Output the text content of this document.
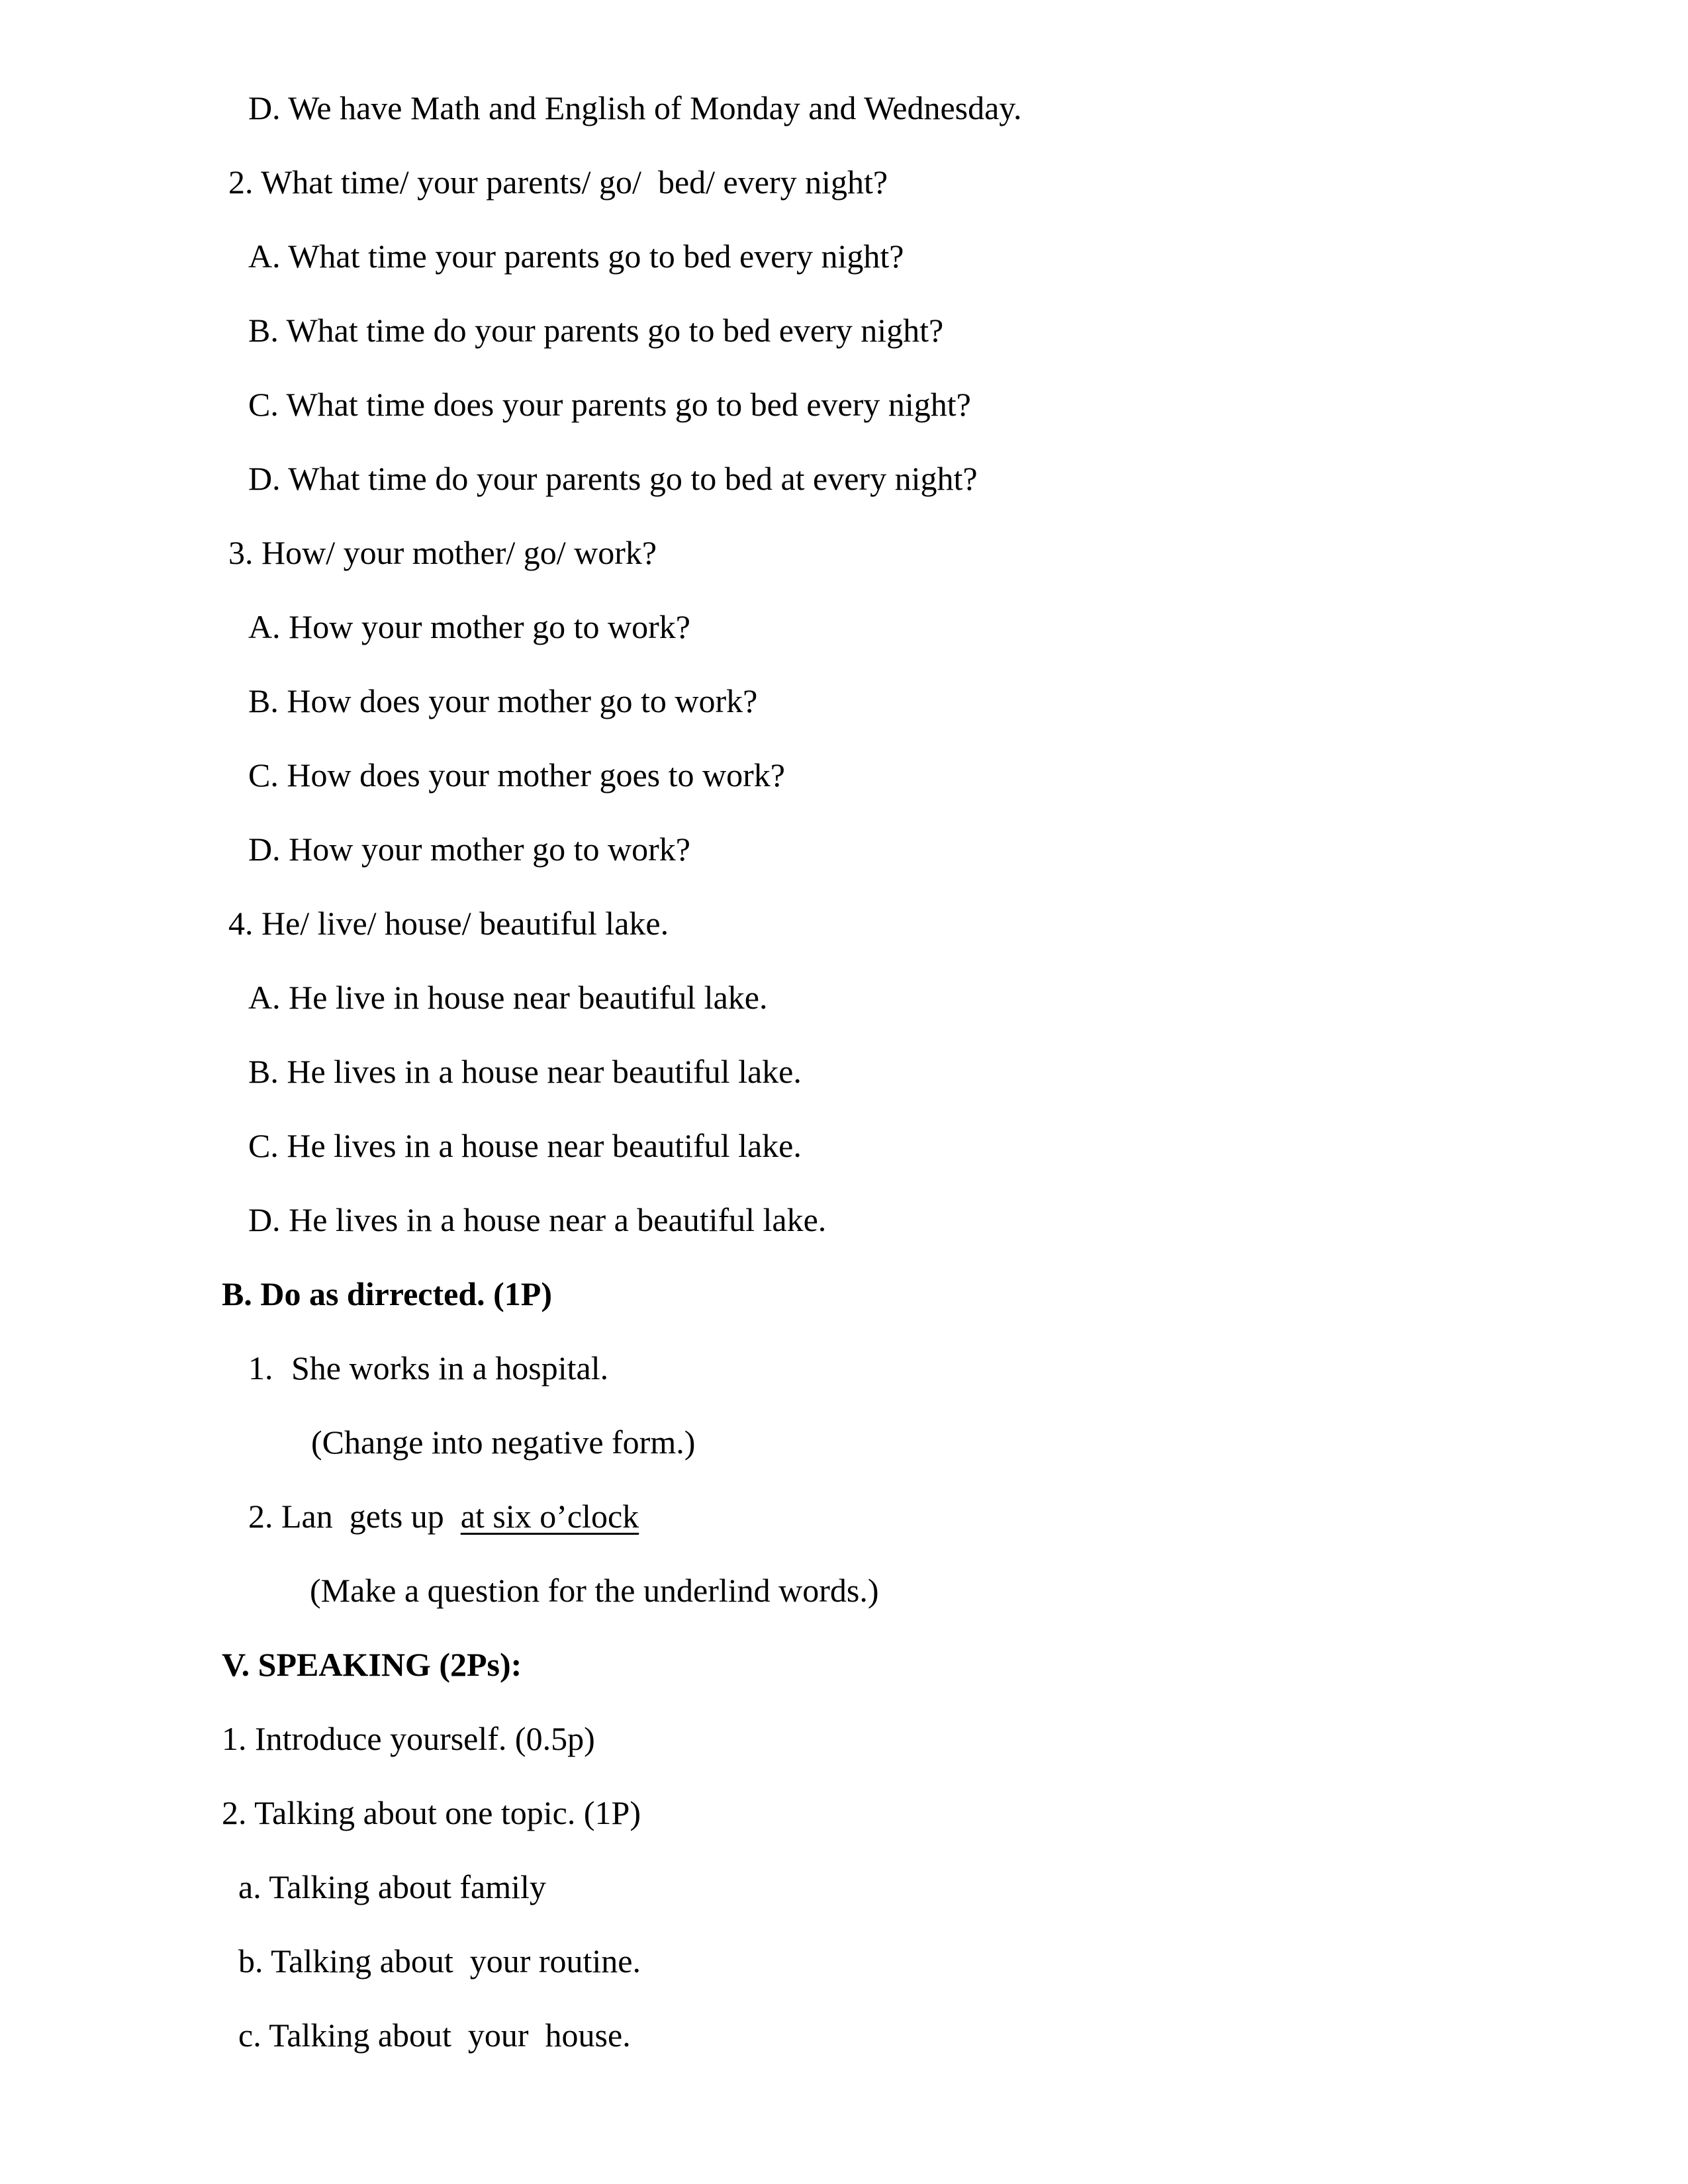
D. We have Math and English of Monday and Wednesday.
2. What time/ your parents/ go/  bed/ every night?
A. What time your parents go to bed every night?
B. What time do your parents go to bed every night?
C. What time does your parents go to bed every night?
D. What time do your parents go to bed at every night?
3. How/ your mother/ go/ work?
A. How your mother go to work?
B. How does your mother go to work?
C. How does your mother goes to work?
D. How your mother go to work?
4. He/ live/ house/ beautiful lake.
A. He live in house near beautiful lake.
B. He lives in a house near beautiful lake.
C. He lives in a house near beautiful lake.
D. He lives in a house near a beautiful lake.
B. Do as dirrected. (1P)
1. She works in a hospital.
(Change into negative form.)
2. Lan  gets up  at six o’clock
(Make a question for the underlind words.)
V. SPEAKING (2Ps):
1. Introduce yourself. (0.5p)
2. Talking about one topic. (1P)
a. Talking about family
b. Talking about  your routine.
c. Talking about  your  house.
